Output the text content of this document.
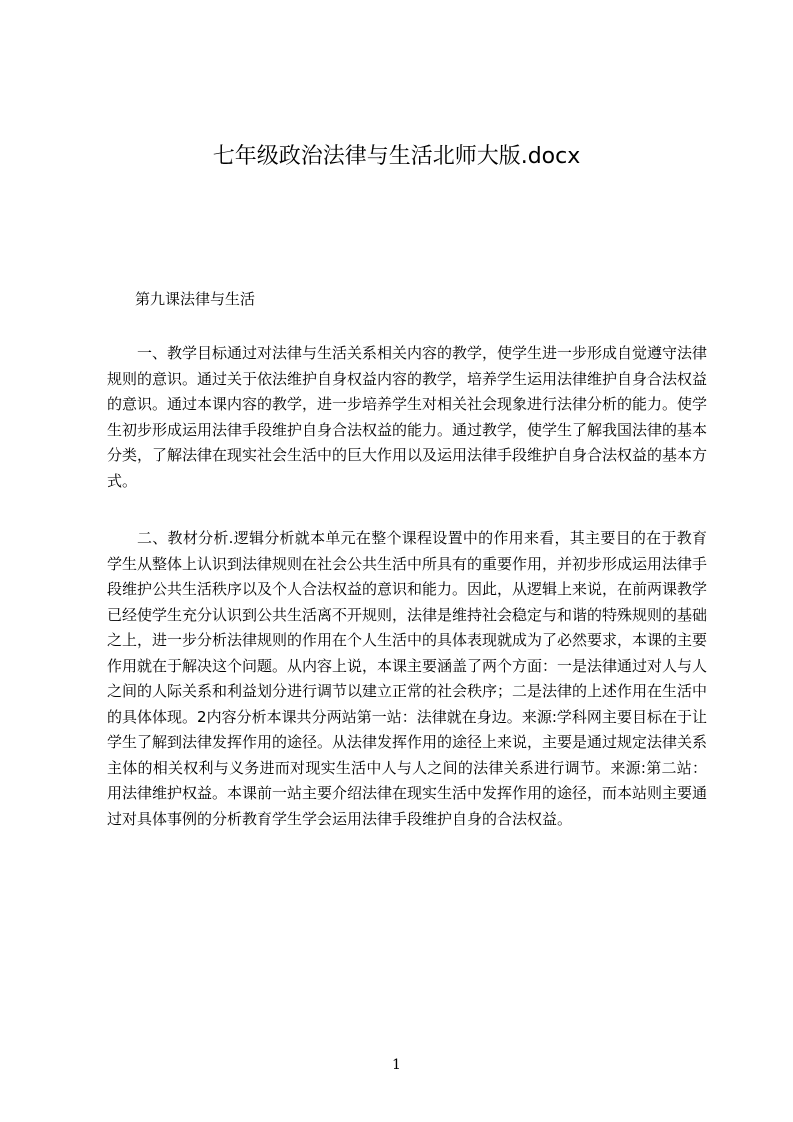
七年级政治法律与生活北师大版.docx
第九课法律与生活

一、教学目标通过对法律与生活关系相关内容的教学，使学生进一步形成自觉遵守法律规则的意识。通过关于依法维护自身权益内容的教学，培养学生运用法律维护自身合法权益的意识。通过本课内容的教学，进一步培养学生对相关社会现象进行法律分析的能力。使学生初步形成运用法律手段维护自身合法权益的能力。通过教学，使学生了解我国法律的基本分类，了解法律在现实社会生活中的巨大作用以及运用法律手段维护自身合法权益的基本方式。

二、教材分析.逻辑分析就本单元在整个课程设置中的作用来看，其主要目的在于教育学生从整体上认识到法律规则在社会公共生活中所具有的重要作用，并初步形成运用法律手段维护公共生活秩序以及个人合法权益的意识和能力。因此，从逻辑上来说，在前两课教学已经使学生充分认识到公共生活离不开规则，法律是维持社会稳定与和谐的特殊规则的基础之上，进一步分析法律规则的作用在个人生活中的具体表现就成为了必然要求，本课的主要作用就在于解决这个问题。从内容上说，本课主要涵盖了两个方面：一是法律通过对人与人之间的人际关系和利益划分进行调节以建立正常的社会秩序；二是法律的上述作用在生活中的具体体现。2内容分析本课共分两站第一站：法律就在身边。来源:学科网主要目标在于让学生了解到法律发挥作用的途径。从法律发挥作用的途径上来说，主要是通过规定法律关系主体的相关权利与义务进而对现实生活中人与人之间的法律关系进行调节。来源:第二站：用法律维护权益。本课前一站主要介绍法律在现实生活中发挥作用的途径，而本站则主要通过对具体事例的分析教育学生学会运用法律手段维护自身的合法权益。

1
